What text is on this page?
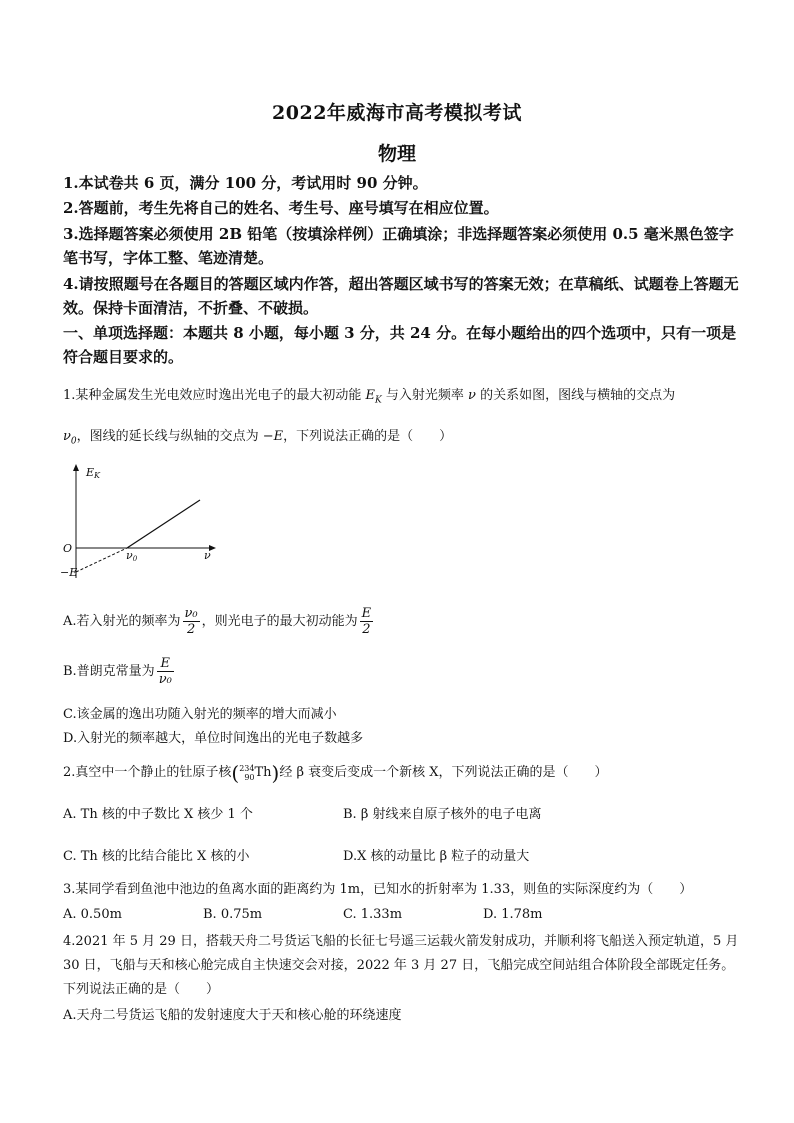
2022年威海市高考模拟考试
物理
1.本试卷共 6 页，满分 100 分，考试用时 90 分钟。
2.答题前，考生先将自己的姓名、考生号、座号填写在相应位置。
3.选择题答案必须使用 2B 铅笔（按填涂样例）正确填涂；非选择题答案必须使用 0.5 毫米黑色签字笔书写，字体工整、笔迹清楚。
4.请按照题号在各题目的答题区域内作答，超出答题区域书写的答案无效；在草稿纸、试题卷上答题无效。保持卡面清洁，不折叠、不破损。
一、单项选择题：本题共 8 小题，每小题 3 分，共 24 分。在每小题给出的四个选项中，只有一项是符合题目要求的。
1.某种金属发生光电效应时逸出光电子的最大初动能 $E_K$ 与入射光频率 ν 的关系如图，图线与横轴的交点为
$\nu_0$，图线的延长线与纵轴的交点为 −E，下列说法正确的是（　　）
EK
O
−E
ν0	ν
A.若入射光的频率为 $\frac{\text{ν₀}}{2}$ ，则光电子的最大初动能为 $\frac{E}{2}$
B.普朗克常量为 $\frac{E}{\text{ν₀}}$
C.该金属的逸出功随入射光的频率的增大而减小
D.入射光的频率越大，单位时间逸出的光电子数越多
2.真空中一个静止的钍原子核(234
90Th)经 β 衰变后变成一个新核 X，下列说法正确的是（　　）
A. Th 核的中子数比 X 核少 1 个	B. β 射线来自原子核外的电子电离
C. Th 核的比结合能比 X 核的小	D.X 核的动量比 β 粒子的动量大
3.某同学看到鱼池中池边的鱼离水面的距离约为 1m，已知水的折射率为 1.33，则鱼的实际深度约为（　　）
A. 0.50m	B. 0.75m	C. 1.33m	D. 1.78m
4.2021 年 5 月 29 日，搭载天舟二号货运飞船的长征七号遥三运载火箭发射成功，并顺利将飞船送入预定轨道，5 月 30 日，飞船与天和核心舱完成自主快速交会对接，2022 年 3 月 27 日，飞船完成空间站组合体阶段全部既定任务。下列说法正确的是（　　）
A.天舟二号货运飞船的发射速度大于天和核心舱的环绕速度
